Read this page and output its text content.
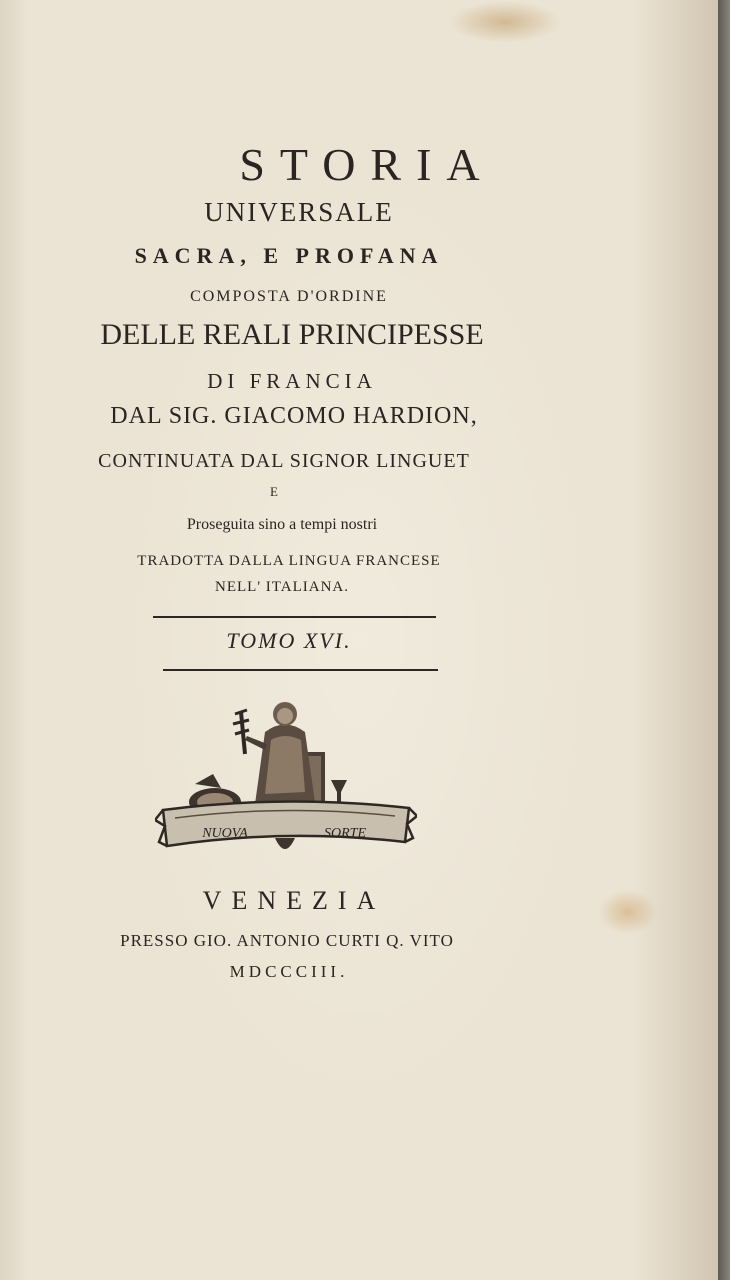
STORIA
UNIVERSALE
SACRA, E PROFANA
COMPOSTA D'ORDINE
DELLE REALI PRINCIPESSE
DI FRANCIA
DAL SIG. GIACOMO HARDION,
CONTINUATA DAL SIGNOR LINGUET
E
Proseguita sino a tempi nostri
TRADOTTA DALLA LINGUA FRANCESE
NELL' ITALIANA.
TOMO XVI.
NUOVA	SORTE
VENEZIA
PRESSO GIO. ANTONIO CURTI Q. VITO
MDCCCIII.
